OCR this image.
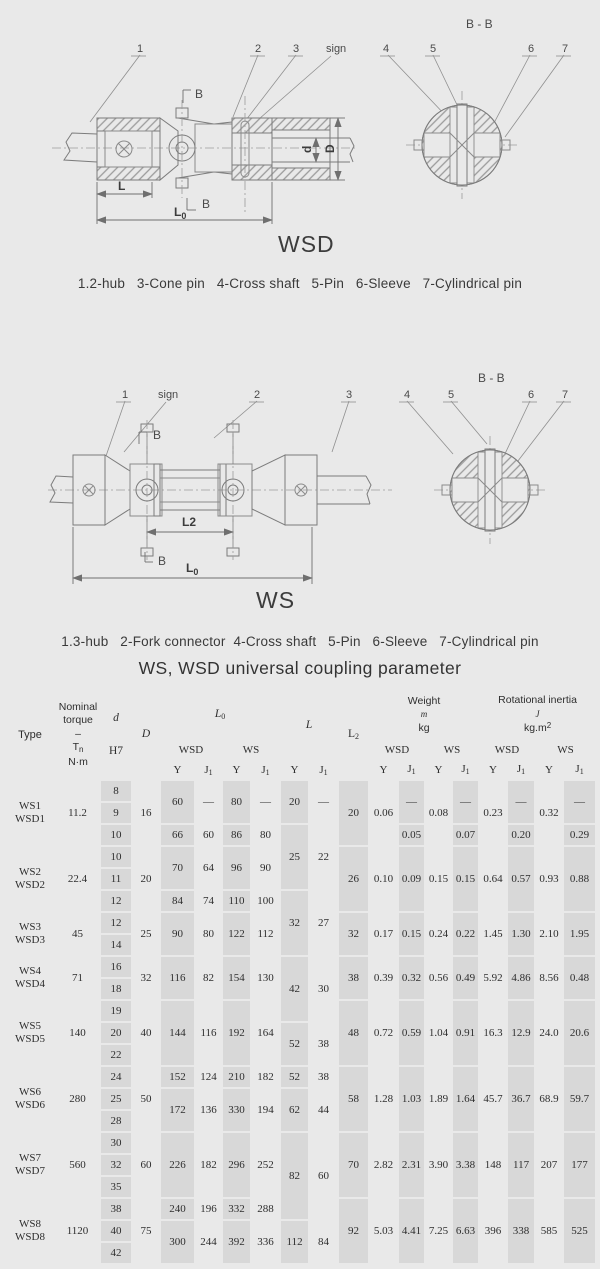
B - B
1	2	3 sign	4	5	6	7
d D
B
B
L
$L_0$
WSD
1.2-hub   3-Cone pin   4-Cross shaft   5-Pin   6-Sleeve   7-Cylindrical pin
B - B
1	sign	2	3	4	5	6	7
B
B
L2
$L_0$
WS
1.3-hub   2-Fork connector  4-Cross shaft   5-Pin   6-Sleeve   7-Cylindrical pin
WS, WSD universal coupling parameter
Type	Nominal
torque
–
$T_n$
N·m	d
H7	D	$L_0$				L		$L_2$	Weight
m
kg				Rotational inertia
J
$kg.m^2$
				WSD		WS					WSD		WS		WSD		WS	
				Y	$J_1$	Y	$J_1$	Y	$J_1$		Y	$J_1$	Y	$J_1$	Y	$J_1$	Y	$J_1$
WS1
WSD1	11.2	8	16	60	—	80	—	20	—	20	0.06	—	0.08	—	0.23	—	0.32	—
		9																
		10		66	60	86	80	25	22			0.05		0.07		0.20		0.29
WS2
WSD2	22.4	10	20	70	64	96	90			26	0.10	0.09	0.15	0.15	0.64	0.57	0.93	0.88
		11																
		12		84	74	110	100	32	27									
WS3
WSD3	45	12	25	90	80	122	112			32	0.17	0.15	0.24	0.22	1.45	1.30	2.10	1.95
		14																
WS4
WSD4	71	16	32	116	82	154	130	42	30	38	0.39	0.32	0.56	0.49	5.92	4.86	8.56	0.48
		18																
WS5
WSD5	140	19	40	144	116	192	164			48	0.72	0.59	1.04	0.91	16.3	12.9	24.0	20.6
		20						52	38									
		22																
WS6
WSD6	280	24	50	152	124	210	182	52	38	58	1.28	1.03	1.89	1.64	45.7	36.7	68.9	59.7
		25		172	136	330	194	62	44									
		28																
WS7
WSD7	560	30	60	226	182	296	252	82	60	70	2.82	2.31	3.90	3.38	148	117	207	177
		32																
		35																
WS8
WSD8	1120	38	75	240	196	332	288			92	5.03	4.41	7.25	6.63	396	338	585	525
		40		300	244	392	336	112	84									
		42																
